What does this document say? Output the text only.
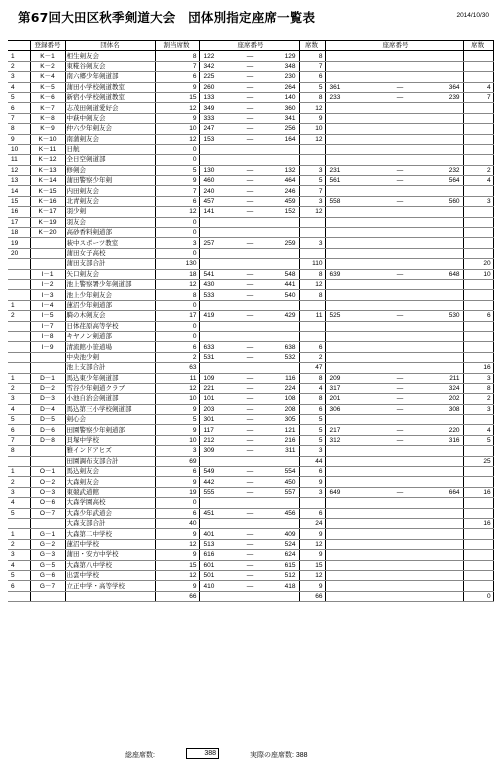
第67回大田区秋季剣道大会　団体別指定座席一覧表	2014/10/30
	登録番号	団体名	割当席数	座席番号			席数	座席番号			席数
1	K－1	相生剣友会	8	122	—	129	8				
2	K－2	東糀谷剣友会	7	342	—	348	7				
3	K－4	南六郷少年剣道部	6	225	—	230	6				
4	K－5	蒲田小学校剣道教室	9	260	—	264	5	361	—	364	4
5	K－6	新宿小学校剣道教室	15	133	—	140	8	233	—	239	7
6	K－7	志茂田剣道愛好会	12	349	—	360	12				
7	K－8	中萩中剣友会	9	333	—	341	9				
8	K－9	仲六少年剣友会	10	247	—	256	10				
9	K－10	南蒲剣友会	12	153	—	164	12				
10	K－11	日航	0								
11	K－12	全日空剣道部	0								
12	K－13	修剣会	5	130	—	132	3	231	—	232	2
13	K－14	蒲田警察少年剣	9	460	—	464	5	561	—	564	4
14	K－15	内田剣友会	7	240	—	246	7				
15	K－16	北青剣友会	6	457	—	459	3	558	—	560	3
16	K－17	羽少剣	12	141	—	152	12				
17	K－19	羽友会	0								
18	K－20	高砂香料剣道部	0								
19		萩中スポーツ教室	3	257	—	259	3				
20		蒲田女子高校	0								
		蒲田支部合計	130				110				20
	I－1	矢口剣友会	18	541	—	548	8	639	—	648	10
	I－2	池上警察署少年剣道部	12	430	—	441	12				
	I－3	池上少年剣友会	8	533	—	540	8				
1	I－4	蓮沼少年剣道部	0								
2	I－5	騎の木剣友会	17	419	—	429	11	525	—	530	6
	I－7	日体荏原高等学校	0								
	I－8	キヤノン剣道部	0								
	I－9	清流館小笹道場	6	633	—	638	6				
		中央池少剣	2	531	—	532	2				
		池上支部合計	63				47				16
1	D－1	馬込東少年剣道部	11	109	—	116	8	209	—	211	3
2	D－2	雪谷少年剣道クラブ	12	221	—	224	4	317	—	324	8
3	D－3	小池自治会剣道部	10	101	—	108	8	201	—	202	2
4	D－4	馬込第三小学校剣道部	9	203	—	208	6	306	—	308	3
5	D－5	剣心会	5	301	—	305	5				
6	D－6	田園警察少年剣道部	9	117	—	121	5	217	—	220	4
7	D－8	貝塚中学校	10	212	—	216	5	312	—	316	5
8		雅インドアヒズ	3	309	—	311	3				
		田園調布支部合計	69				44				25
1	O－1	馬込剣友会	6	549	—	554	6				
2	O－2	大森剣友会	9	442	—	450	9				
3	O－3	東競武道館	19	555	—	557	3	649	—	664	16
4	O－6	大森学園高校	0								
5	O－7	大森少年武道会	6	451	—	456	6				
		大森支部合計	40				24				16
1	G－1	大森第二中学校	9	401	—	409	9				
2	G－2	蓮沼中学校	12	513	—	524	12				
3	G－3	蒲田・安方中学校	9	616	—	624	9				
4	G－5	大森第八中学校	15	601	—	615	15				
5	G－6	出雲中学校	12	501	—	512	12				
6	G－7	立正中学・高等学校	9	410	—	418	9				
			66				66				0
総座席数:	388	実際の座席数: 388
